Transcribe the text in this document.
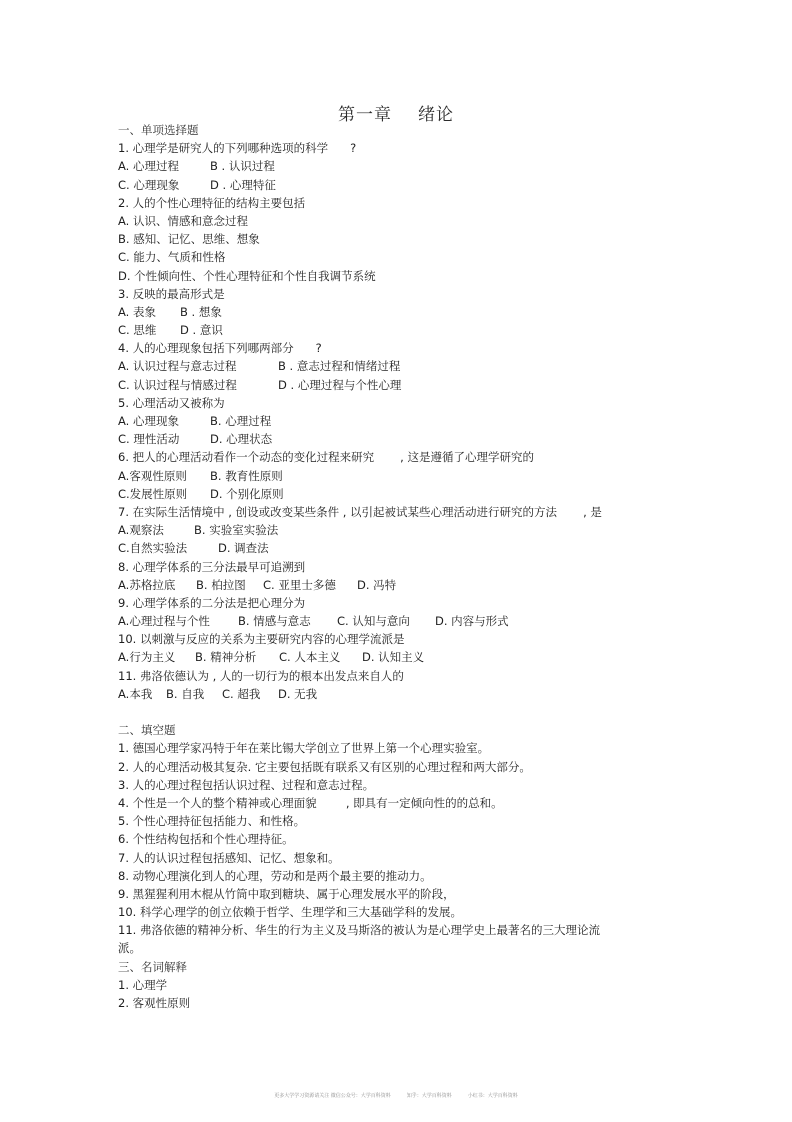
第一章 绪论
一、单项选择题
1. 心理学是研究人的下列哪种选项的科学 ?
A. 心理过程	B . 认识过程
C. 心理现象	D . 心理特征
2. 人的个性心理特征的结构主要包括
A. 认识、情感和意念过程
B. 感知、记忆、思维、想象
C. 能力、气质和性格
D. 个性倾向性、个性心理特征和个性自我调节系统
3. 反映的最高形式是
A. 表象 B . 想象
C. 思维 D . 意识
4. 人的心理现象包括下列哪两部分 ?
A. 认识过程与意志过程	B . 意志过程和情绪过程
C. 认识过程与情感过程	D . 心理过程与个性心理
5. 心理活动又被称为
A. 心理现象	B. 心理过程
C. 理性活动	D. 心理状态
6. 把人的心理活动看作一个动态的变化过程来研究 , 这是遵循了心理学研究的
A.客观性原则 B. 教育性原则
C.发展性原则 D. 个别化原则
7. 在实际生活情境中 , 创设或改变某些条件 , 以引起被试某些心理活动进行研究的方法 , 是
A.观察法	B. 实验室实验法
C.自然实验法	D. 调查法
8. 心理学体系的三分法最早可追溯到
A.苏格拉底 B. 柏拉图 C. 亚里士多德 D. 冯特
9. 心理学体系的二分法是把心理分为
A.心理过程与个性 B. 情感与意志 C. 认知与意向 D. 内容与形式
10. 以刺激与反应的关系为主要研究内容的心理学流派是
A.行为主义 B. 精神分析 C. 人本主义 D. 认知主义
11. 弗洛依德认为 , 人的一切行为的根本出发点来自人的
A.本我 B. 自我 C. 超我 D. 无我
二、填空题
1. 德国心理学家冯特于年在莱比锡大学创立了世界上第一个心理实验室。
2. 人的心理活动极其复杂. 它主要包括既有联系又有区别的心理过程和两大部分。
3. 人的心理过程包括认识过程、过程和意志过程。
4. 个性是一个人的整个精神或心理面貌        , 即具有一定倾向性的的总和。
5. 个性心理持征包括能力、和性格。
6. 个性结构包括和个性心理持征。
7. 人的认识过程包括感知、记忆、想象和。
8. 动物心理演化到人的心理，劳动和是两个最主要的推动力。
9. 黑猩猩利用木棍从竹筒中取到糖块、属于心理发展水平的阶段，
10. 科学心理学的创立依赖于哲学、生理学和三大基础学科的发展。
11. 弗洛依德的精神分析、华生的行为主义及马斯洛的被认为是心理学史上最著名的三大理论流派。
三、名词解释
1. 心理学
2. 客观性原则
更多大学学习资源请关注 微信公众号：大学百科资料	知乎：大学百科资料	小红书：大学百科资料
